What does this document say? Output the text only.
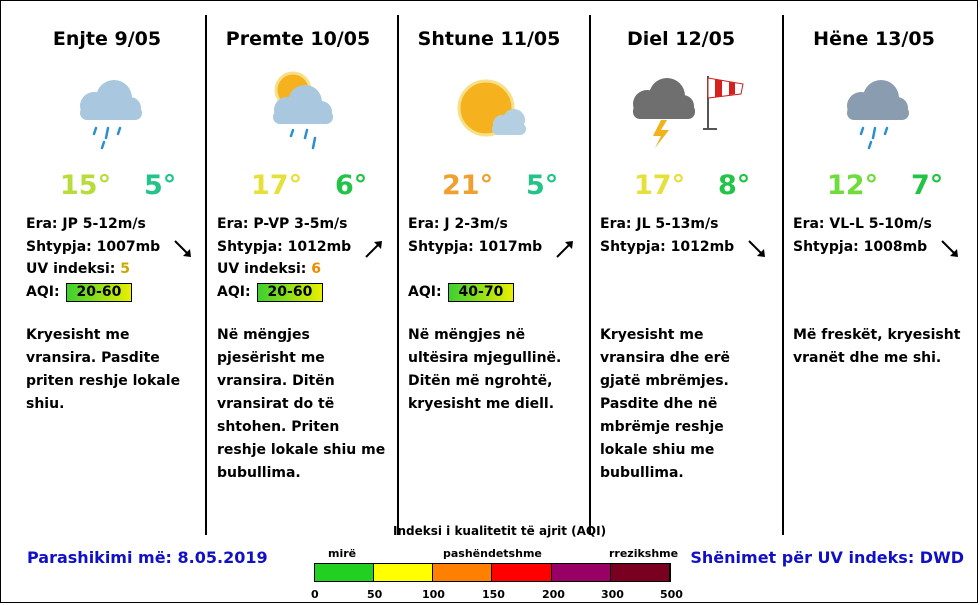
Enjte 9/05
15° 5°
Era: JP 5-12m/s
Shtypja: 1007mb
UV indeksi: 5
AQI: 20-60
Kryesisht me vransira. Pasdite priten reshje lokale shiu.
Premte 10/05
17° 6°
Era: P-VP 3-5m/s
Shtypja: 1012mb
UV indeksi: 6
AQI: 20-60
Në mëngjes pjesërisht me vransira. Ditën vransirat do të shtohen. Priten reshje lokale shiu me bubullima.
Shtune 11/05
21° 5°
Era: J 2-3m/s
Shtypja: 1017mb

AQI: 40-70
Në mëngjes në ultësira mjegullinë. Ditën më ngrohtë, kryesisht me diell.
Diel 12/05
17° 8°
Era: JL 5-13m/s
Shtypja: 1012mb
Kryesisht me vransira dhe erë gjatë mbrëmjes. Pasdite dhe në mbrëmje reshje lokale shiu me bubullima.
Hëne 13/05
12° 7°
Era: VL-L 5-10m/s
Shtypja: 1008mb
Më freskët, kryesisht vranët dhe me shi.
Parashikimi më: 8.05.2019	Shënimet për UV indeks: DWD
Indeksi i kualitetit të ajrit (AQI)
mirë	pashëndetshme	rrezikshme
0	50	100	150	200	300	500
